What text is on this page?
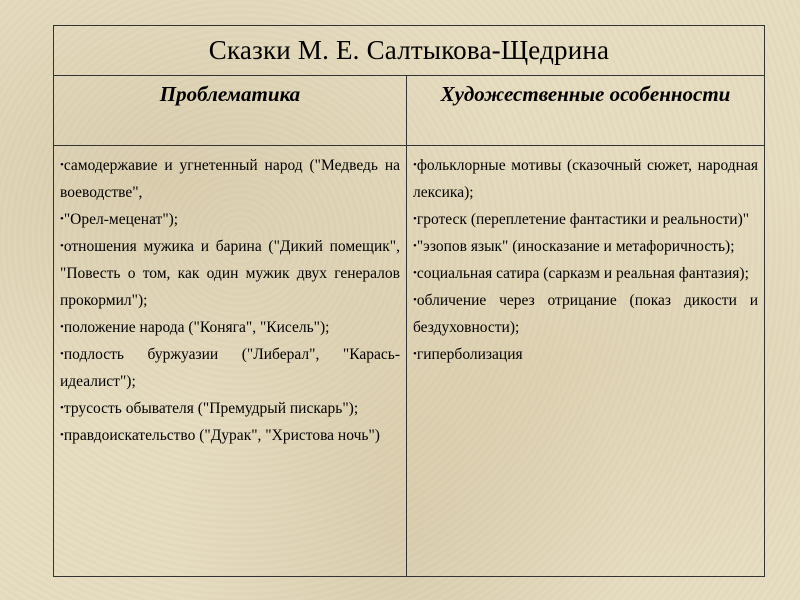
Сказки М. Е. Салтыкова-Щедрина
Проблематика	Художественные особенности
•самодержавие и угнетенный народ ("Медведь на воеводстве",
•"Орел-меценат");
•отношения мужика и барина ("Дикий помещик", "Повесть о том, как один мужик двух генералов прокормил");
•положение народа ("Коняга", "Кисель");
•подлость буржуазии ("Либерал", "Карась-идеалист");
•трусость обывателя ("Премудрый пискарь");
•правдоискательство ("Дурак", "Христова ночь")
•фольклорные мотивы (сказочный сюжет, народная лексика);
•гротеск (переплетение фантастики и реальности)"
•"эзопов язык" (иносказание и метафоричность);
•социальная сатира (сарказм и реальная фантазия);
•обличение через отрицание (показ дикости и бездуховности);
•гиперболизация
